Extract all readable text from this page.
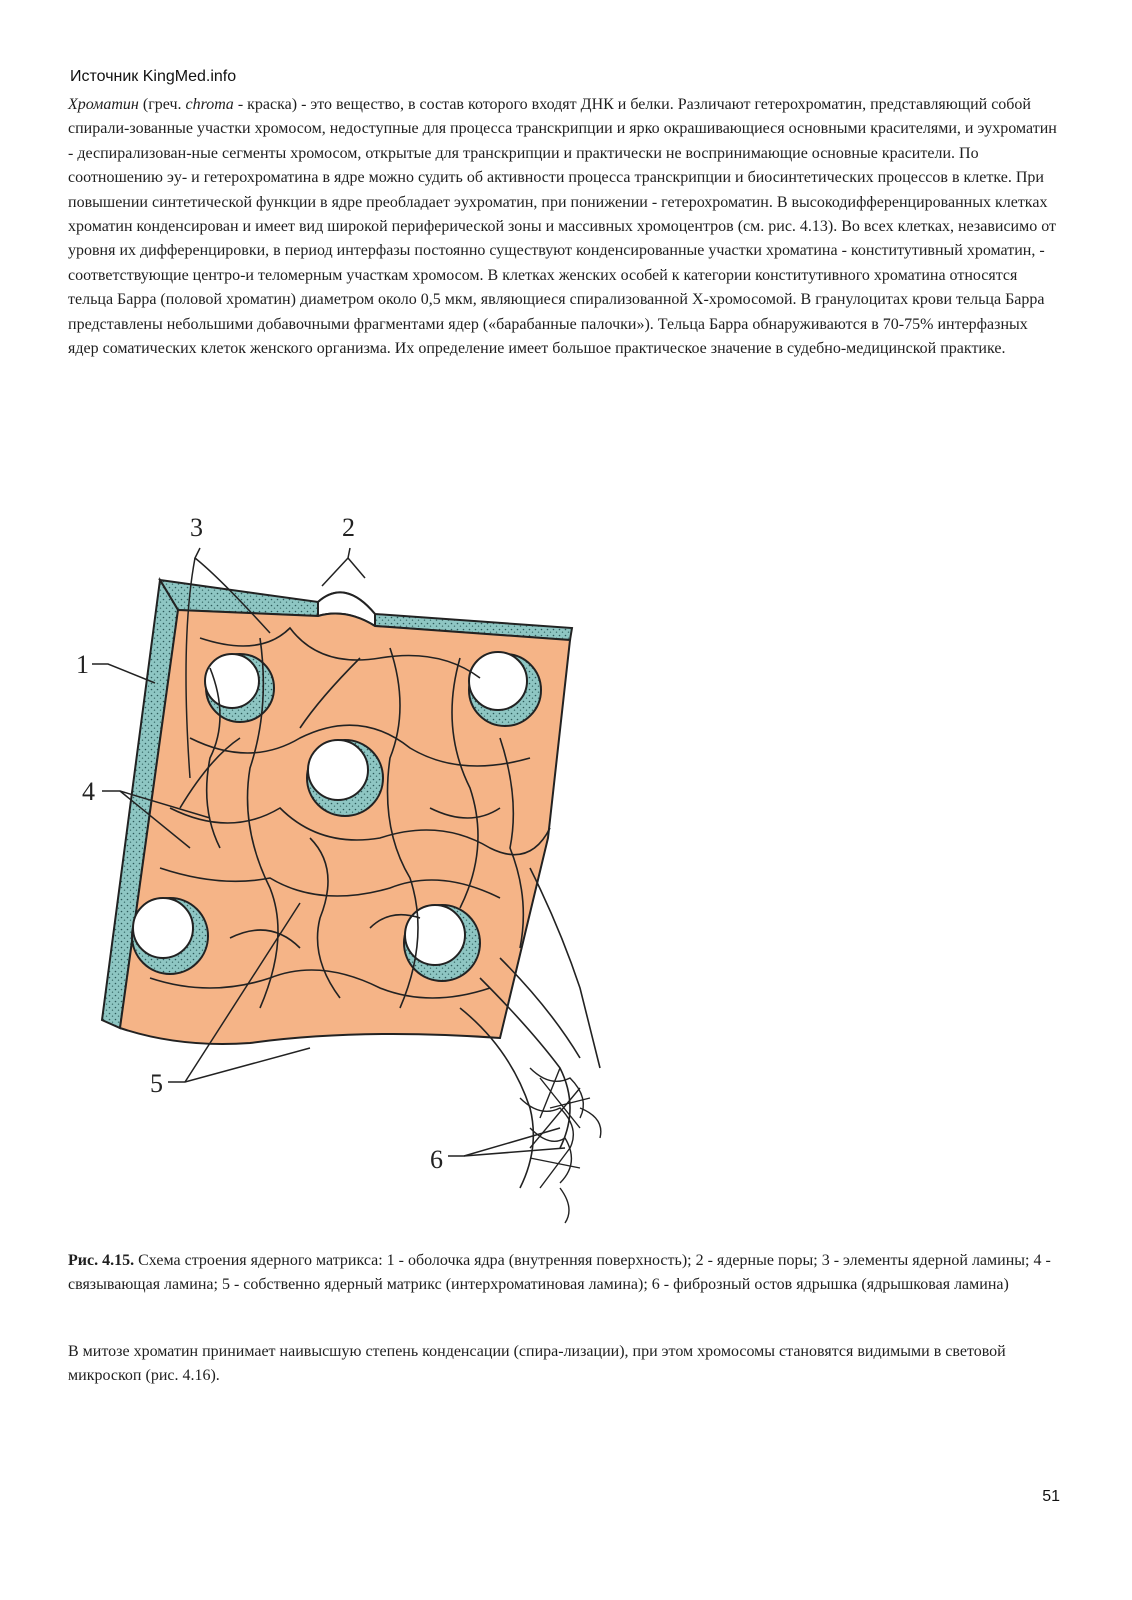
Источник KingMed.info
Хроматин (греч. chroma - краска) - это вещество, в состав которого входят ДНК и белки. Различают гетерохроматин, представляющий собой спирали-зованные участки хромосом, недоступные для процесса транскрипции и ярко окрашивающиеся основными красителями, и эухроматин - деспирализован-ные сегменты хромосом, открытые для транскрипции и практически не воспринимающие основные красители. По соотношению эу- и гетерохроматина в ядре можно судить об активности процесса транскрипции и биосинтетических процессов в клетке. При повышении синтетической функции в ядре преобладает эухроматин, при понижении - гетерохроматин. В высокодифференцированных клетках хроматин конденсирован и имеет вид широкой периферической зоны и массивных хромоцентров (см. рис. 4.13). Во всех клетках, независимо от уровня их дифференцировки, в период интерфазы постоянно существуют конденсированные участки хроматина - конститутивный хроматин, - соответствующие центро-и теломерным участкам хромосом. В клетках женских особей к категории конститутивного хроматина относятся тельца Барра (половой хроматин) диаметром около 0,5 мкм, являющиеся спирализованной Х-хромосомой. В гранулоцитах крови тельца Барра представлены небольшими добавочными фрагментами ядер («барабанные палочки»). Тельца Барра обнаруживаются в 70-75% интерфазных ядер соматических клеток женского организма. Их определение имеет большое практическое значение в судебно-медицинской практике.
3	2
1
4
5
6
Рис. 4.15. Схема строения ядерного матрикса: 1 - оболочка ядра (внутренняя поверхность); 2 - ядерные поры; 3 - элементы ядерной ламины; 4 - связывающая ламина; 5 - собственно ядерный матрикс (интерхроматиновая ламина); 6 - фиброзный остов ядрышка (ядрышковая ламина)
В митозе хроматин принимает наивысшую степень конденсации (спира-лизации), при этом хромосомы становятся видимыми в световой микроскоп (рис. 4.16).
51
